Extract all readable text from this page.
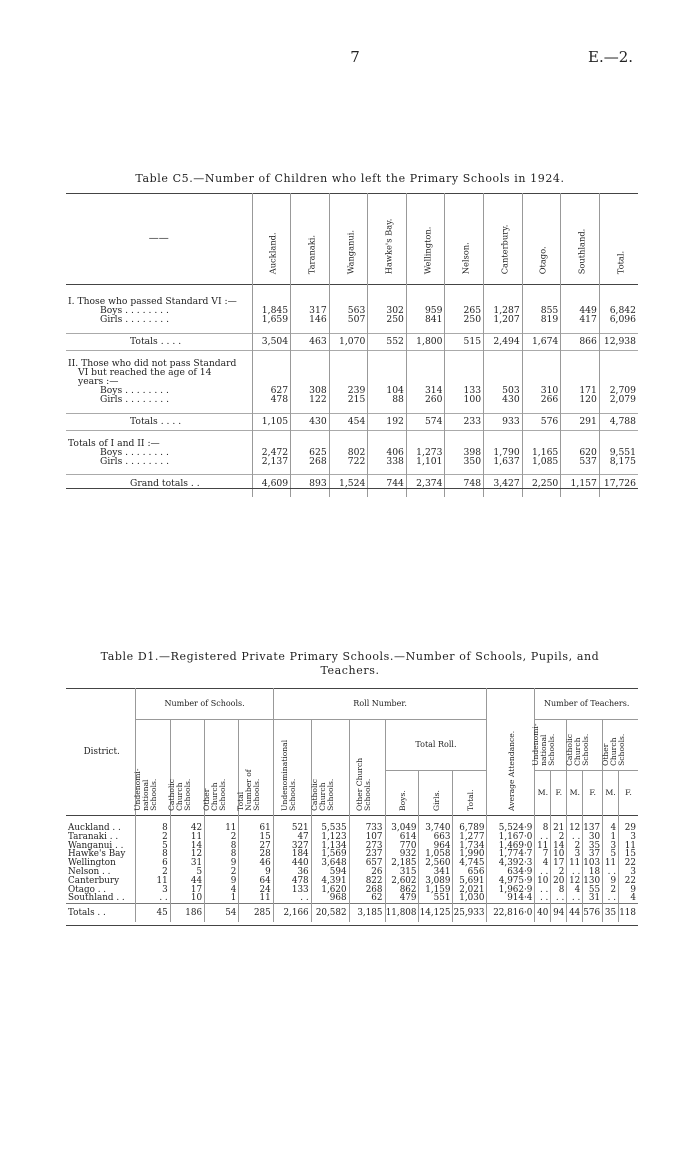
7	E.—2.
Table C5.—Number of Children who left the Primary Schools in 1924.
——	Auckland.	Taranaki.	Wanganui.	Hawke's Bay.	Wellington.	Nelson.	Canterbury.	Otago.	Southland.	Total.

I. Those who passed Standard VI :—										
Boys . . . . . . . .	1,845	317	563	302	959	265	1,287	855	449	6,842
Girls . . . . . . . .	1,659	146	507	250	841	250	1,207	819	417	6,096

Totals . . . .	3,504	463	1,070	552	1,800	515	2,494	1,674	866	12,938
II. Those who did not pass Standard										
VI but reached the age of 14										
years :—										
Boys . . . . . . . .	627	308	239	104	314	133	503	310	171	2,709
Girls . . . . . . . .	478	122	215	88	260	100	430	266	120	2,079

Totals . . . .	1,105	430	454	192	574	233	933	576	291	4,788
Totals of I and II :—										
Boys . . . . . . . .	2,472	625	802	406	1,273	398	1,790	1,165	620	9,551
Girls . . . . . . . .	2,137	268	722	338	1,101	350	1,637	1,085	537	8,175

Grand totals . .	4,609	893	1,524	744	2,374	748	3,427	2,250	1,157	17,726

Table D1.—Registered Private Primary Schools.—Number of Schools, Pupils, and
Teachers.
District.	Number of Schools.				Roll Number.						Average Attendance.	Number of Teachers.					

	Undenomi-national Schools.	Catholic Church Schools.	Other Church Schools.	Total Number of Schools.	Undenominational Schools.	Catholic Church Schools.	Other Church Schools.	Total Roll.				Undenomi-national Schools.		Catholic Church Schools.		Other Church Schools.	

								Boys.	Girls.	Total.		M.	F.	M.	F.	M.	F.
Auckland . .	8	42	11	61	521	5,535	733	3,049	3,740	6,789	5,524·9	8	21	12	137	4	29
Taranaki . .	2	11	2	15	47	1,123	107	614	663	1,277	1,167·0	. .	2	. .	30	1	3
Wanganui . .	5	14	8	27	327	1,134	273	770	964	1,734	1,469·0	11	14	2	35	3	11
Hawke's Bay	8	12	8	28	184	1,569	237	932	1,058	1,990	1,774·7	7	10	3	37	5	15
Wellington	6	31	9	46	440	3,648	657	2,185	2,560	4,745	4,392·3	4	17	11	103	11	22
Nelson . .	2	5	2	9	36	594	26	315	341	656	634·9	. .	2	. .	18	. .	3
Canterbury	11	44	9	64	478	4,391	822	2,602	3,089	5,691	4,975·9	10	20	12	130	9	22
Otago . .	3	17	4	24	133	1,620	268	862	1,159	2,021	1,962·9	. .	8	4	55	2	9
Southland . .	. .	10	1	11	. .	968	62	479	551	1,030	914·4	. .	. .	. .	31	. .	4
Totals . .	45	186	54	285	2,166	20,582	3,185	11,808	14,125	25,933	22,816·0	40	94	44	576	35	118
